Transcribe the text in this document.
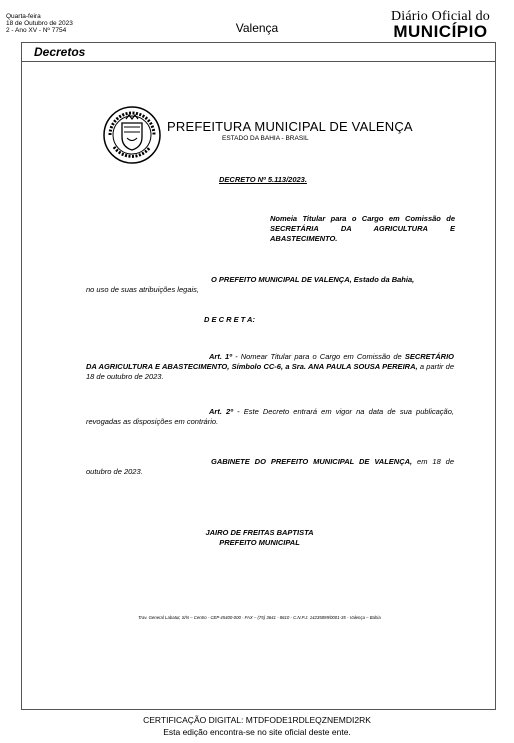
Quarta-feira
18 de Outubro de 2023
2 - Ano XV - Nº 7754	Valença
Diário Oficial do
MUNICÍPIO
Decretos
PREFEITURA MUNICIPAL DE VALENÇA
ESTADO DA BAHIA - BRASIL
DECRETO Nº 5.113/2023.
Nomeia Titular para o Cargo em Comissão de SECRETÁRIA DA AGRICULTURA E ABASTECIMENTO.
O PREFEITO MUNICIPAL DE VALENÇA, Estado da Bahia,
no uso de suas atribuições legais,
D E C R E T A:
Art. 1º - Nomear Titular para o Cargo em Comissão de SECRETÁRIO DA AGRICULTURA E ABASTECIMENTO, Símbolo CC-6, a Sra. ANA PAULA SOUSA PEREIRA, a partir de 18 de outubro de 2023.
Art. 2º - Este Decreto entrará em vigor na data de sua publicação, revogadas as disposições em contrário.
GABINETE DO PREFEITO MUNICIPAL DE VALENÇA, em 18 de outubro de 2023.
JAIRO DE FREITAS BAPTISTA
PREFEITO MUNICIPAL
Trav. General Labatut, S/N – Centro - CEP 45400-000 - FAX – (75) 3641 - 8610 - C.N.P.J. 14235899/0001-35 - Valença – Bahia
CERTIFICAÇÃO DIGITAL: MTDFODE1RDLEQZNEMDI2RK
Esta edição encontra-se no site oficial deste ente.
